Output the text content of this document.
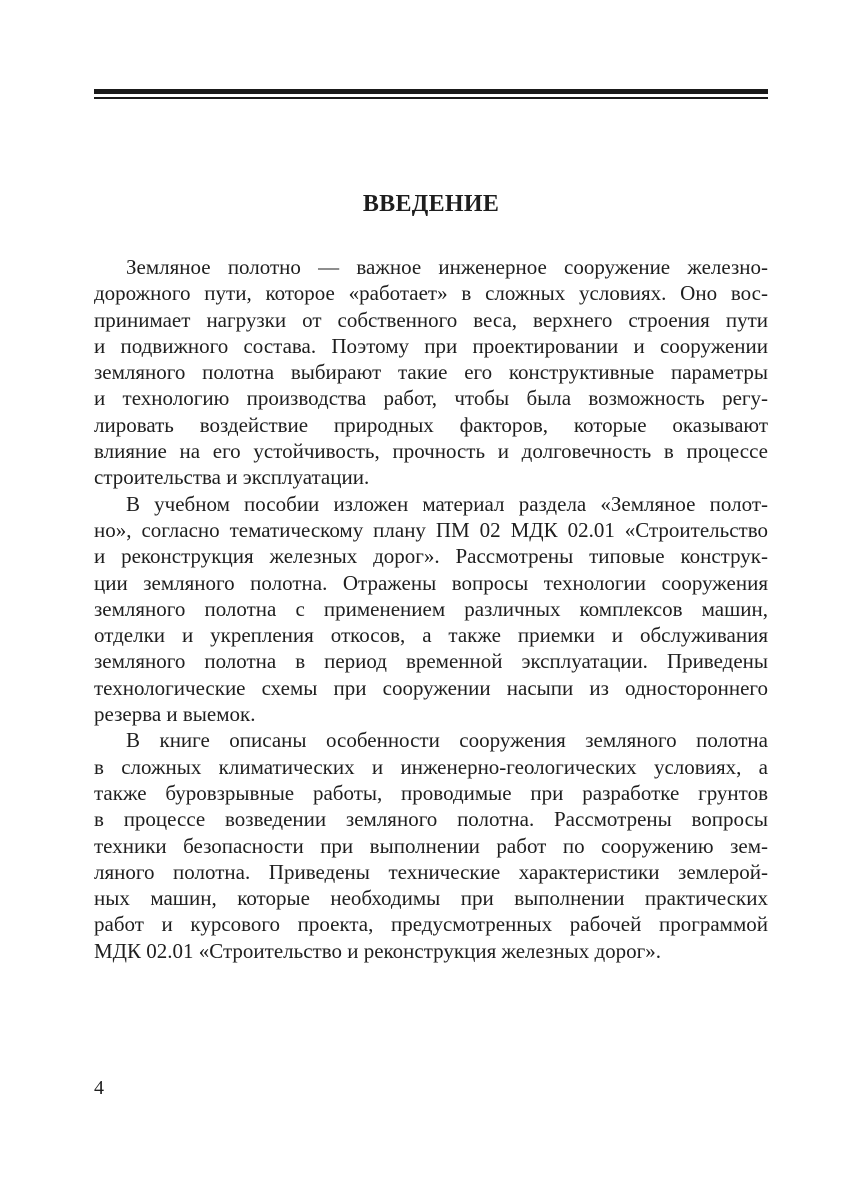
ВВЕДЕНИЕ
Земляное полотно — важное инженерное сооружение железно-
дорожного пути, которое «работает» в сложных условиях. Оно вос-
принимает нагрузки от собственного веса, верхнего строения пути
и подвижного состава. Поэтому при проектировании и сооружении
земляного полотна выбирают такие его конструктивные параметры
и технологию производства работ, чтобы была возможность регу-
лировать воздействие природных факторов, которые оказывают
влияние на его устойчивость, прочность и долговечность в процессе
строительства и эксплуатации.
В учебном пособии изложен материал раздела «Земляное полот-
но», согласно тематическому плану ПМ 02 МДК 02.01 «Строительство
и реконструкция железных дорог». Рассмотрены типовые конструк-
ции земляного полотна. Отражены вопросы технологии сооружения
земляного полотна с применением различных комплексов машин,
отделки и укрепления откосов, а также приемки и обслуживания
земляного полотна в период временной эксплуатации. Приведены
технологические схемы при сооружении насыпи из одностороннего
резерва и выемок.
В книге описаны особенности сооружения земляного полотна
в сложных климатических и инженерно-геологических условиях, а
также буровзрывные работы, проводимые при разработке грунтов
в процессе возведении земляного полотна. Рассмотрены вопросы
техники безопасности при выполнении работ по сооружению зем-
ляного полотна. Приведены технические характеристики землерой-
ных машин, которые необходимы при выполнении практических
работ и курсового проекта, предусмотренных рабочей программой
МДК 02.01 «Строительство и реконструкция железных дорог».
4
